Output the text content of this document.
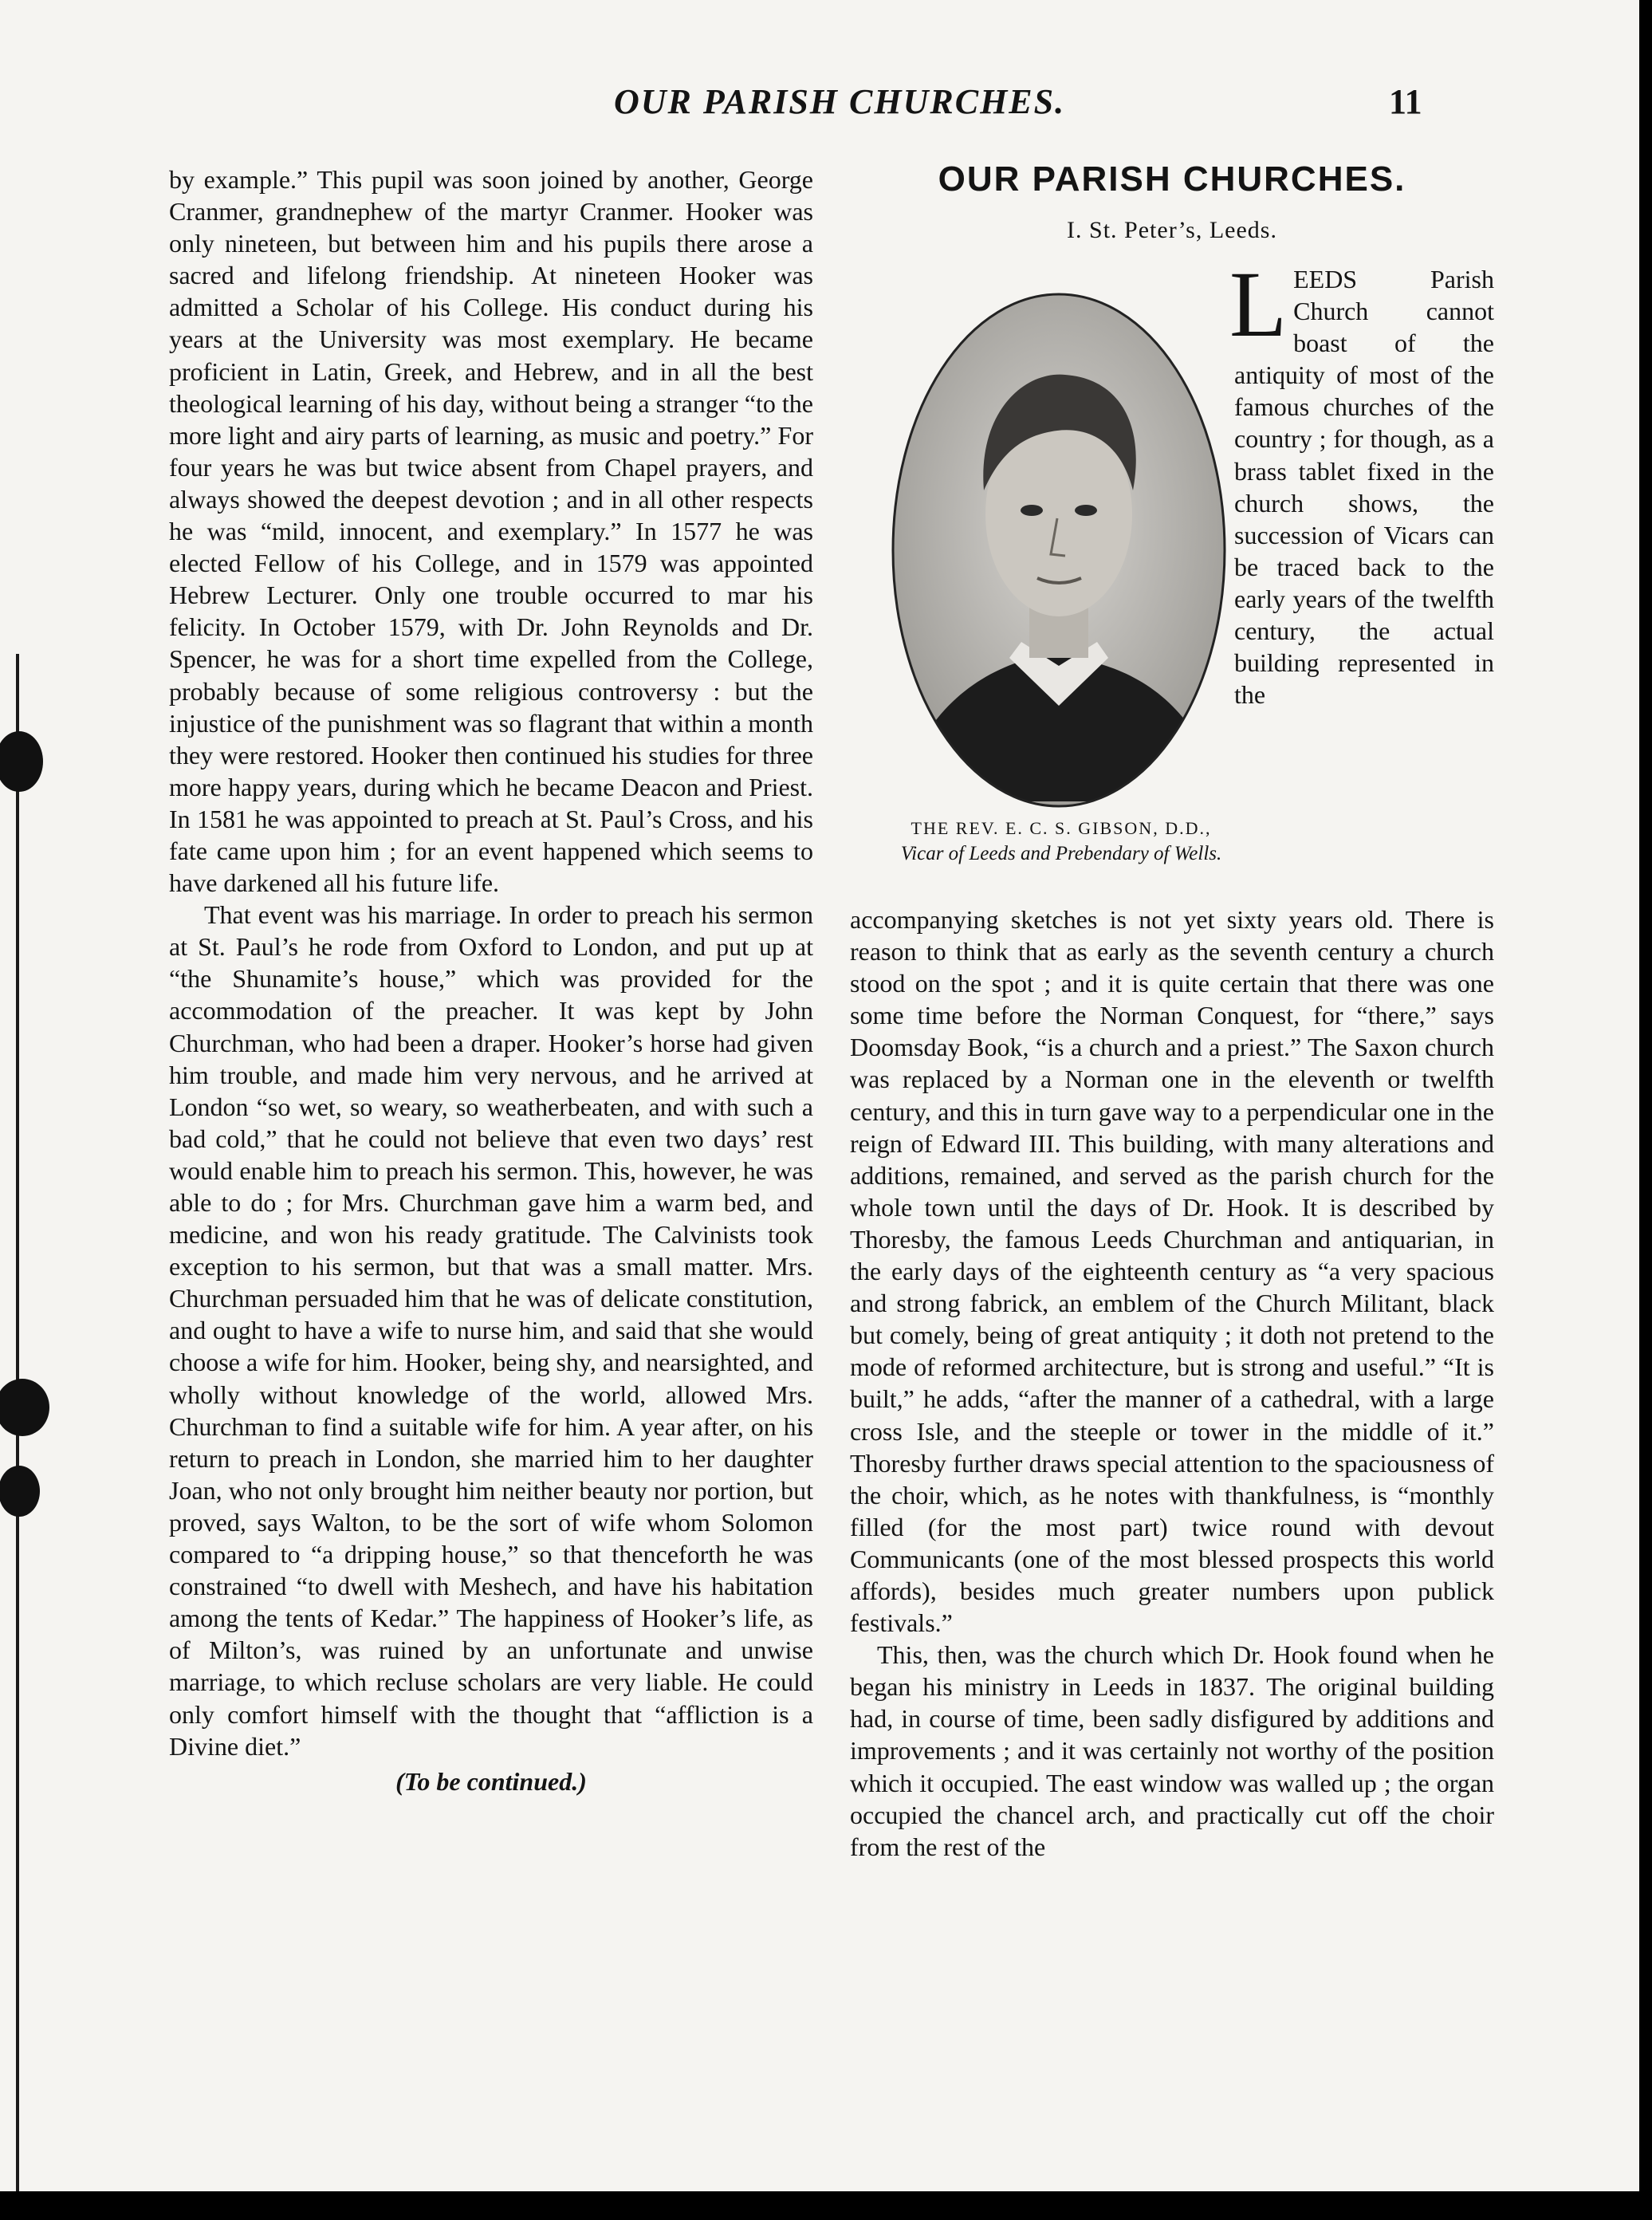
OUR PARISH CHURCHES.	11

by example.” This pupil was soon joined by another, George Cranmer, grandnephew of the martyr Cranmer. Hooker was only nineteen, but between him and his pupils there arose a sacred and lifelong friendship. At nineteen Hooker was admitted a Scholar of his College. His conduct during his years at the University was most exemplary. He became proficient in Latin, Greek, and Hebrew, and in all the best theological learning of his day, without being a stranger “to the more light and airy parts of learning, as music and poetry.” For four years he was but twice absent from Chapel prayers, and always showed the deepest devotion ; and in all other respects he was “mild, innocent, and exemplary.” In 1577 he was elected Fellow of his College, and in 1579 was appointed Hebrew Lecturer. Only one trouble occurred to mar his felicity. In October 1579, with Dr. John Reynolds and Dr. Spencer, he was for a short time expelled from the College, probably because of some religious controversy : but the injustice of the punishment was so flagrant that within a month they were restored. Hooker then continued his studies for three more happy years, during which he became Deacon and Priest. In 1581 he was appointed to preach at St. Paul’s Cross, and his fate came upon him ; for an event happened which seems to have darkened all his future life.

That event was his marriage. In order to preach his sermon at St. Paul’s he rode from Oxford to London, and put up at “the Shunamite’s house,” which was provided for the accommodation of the preacher. It was kept by John Churchman, who had been a draper. Hooker’s horse had given him trouble, and made him very nervous, and he arrived at London “so wet, so weary, so weatherbeaten, and with such a bad cold,” that he could not believe that even two days’ rest would enable him to preach his sermon. This, however, he was able to do ; for Mrs. Churchman gave him a warm bed, and medicine, and won his ready gratitude. The Calvinists took exception to his sermon, but that was a small matter. Mrs. Churchman persuaded him that he was of delicate constitution, and ought to have a wife to nurse him, and said that she would choose a wife for him. Hooker, being shy, and nearsighted, and wholly without knowledge of the world, allowed Mrs. Churchman to find a suitable wife for him. A year after, on his return to preach in London, she married him to her daughter Joan, who not only brought him neither beauty nor portion, but proved, says Walton, to be the sort of wife whom Solomon compared to “a dripping house,” so that thenceforth he was constrained “to dwell with Meshech, and have his habitation among the tents of Kedar.” The happiness of Hooker’s life, as of Milton’s, was ruined by an unfortunate and unwise marriage, to which recluse scholars are very liable. He could only comfort himself with the thought that “affliction is a Divine diet.”

(To be continued.)
OUR PARISH CHURCHES.
I. St. Peter’s, Leeds.
THE REV. E. C. S. GIBSON, D.D.,
Vicar of Leeds and Prebendary of Wells.
L EEDS Parish Church cannot boast of the antiquity of most of the famous churches of the country ; for though, as a brass tablet fixed in the church shows, the succession of Vicars can be traced back to the early years of the twelfth century, the actual building represented in the

accompanying sketches is not yet sixty years old. There is reason to think that as early as the seventh century a church stood on the spot ; and it is quite certain that there was one some time before the Norman Conquest, for “there,” says Doomsday Book, “is a church and a priest.” The Saxon church was replaced by a Norman one in the eleventh or twelfth century, and this in turn gave way to a perpendicular one in the reign of Edward III. This building, with many alterations and additions, remained, and served as the parish church for the whole town until the days of Dr. Hook. It is described by Thoresby, the famous Leeds Churchman and antiquarian, in the early days of the eighteenth century as “a very spacious and strong fabrick, an emblem of the Church Militant, black but comely, being of great antiquity ; it doth not pretend to the mode of reformed architecture, but is strong and useful.” “It is built,” he adds, “after the manner of a cathedral, with a large cross Isle, and the steeple or tower in the middle of it.” Thoresby further draws special attention to the spaciousness of the choir, which, as he notes with thankfulness, is “monthly filled (for the most part) twice round with devout Communicants (one of the most blessed prospects this world affords), besides much greater numbers upon publick festivals.”

This, then, was the church which Dr. Hook found when he began his ministry in Leeds in 1837. The original building had, in course of time, been sadly disfigured by additions and improvements ; and it was certainly not worthy of the position which it occupied. The east window was walled up ; the organ occupied the chancel arch, and practically cut off the choir from the rest of the
